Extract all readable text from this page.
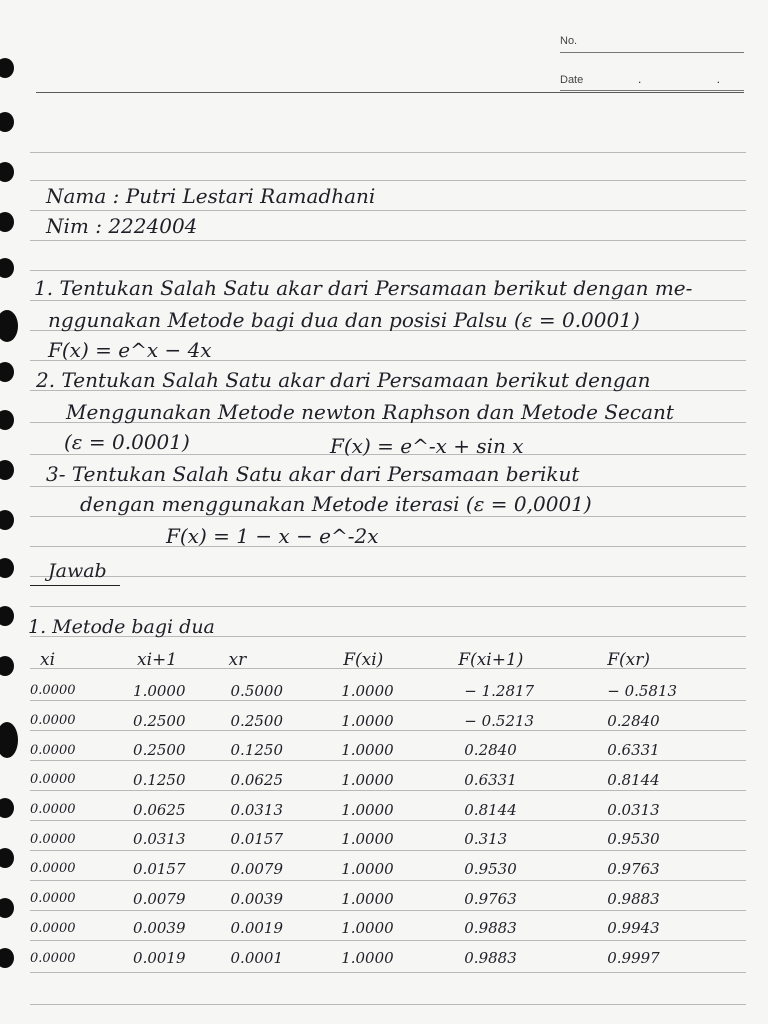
No.
Date	. .
Nama : Putri Lestari Ramadhani
Nim : 2224004
1. Tentukan Salah Satu akar dari Persamaan berikut dengan me-
nggunakan Metode bagi dua dan posisi Palsu (ε = 0.0001)
F(x) = e^x − 4x
2. Tentukan Salah Satu akar dari Persamaan berikut dengan
Menggunakan Metode newton Raphson dan Metode Secant
(ε = 0.0001)	F(x) = e^-x + sin x
3- Tentukan Salah Satu akar dari Persamaan berikut
dengan menggunakan Metode iterasi (ε = 0,0001)
F(x) = 1 − x − e^-2x
Jawab
1. Metode bagi dua
xi	xi+1	xr	F(xi)	F(xi+1)	F(xr)
0.0000	1.0000	0.5000	1.0000	− 1.2817	− 0.5813
0.0000	0.2500	0.2500	1.0000	− 0.5213	0.2840
0.0000	0.2500	0.1250	1.0000	0.2840	0.6331
0.0000	0.1250	0.0625	1.0000	0.6331	0.8144
0.0000	0.0625	0.0313	1.0000	0.8144	0.0313
0.0000	0.0313	0.0157	1.0000	0.313	0.9530
0.0000	0.0157	0.0079	1.0000	0.9530	0.9763
0.0000	0.0079	0.0039	1.0000	0.9763	0.9883
0.0000	0.0039	0.0019	1.0000	0.9883	0.9943
0.0000	0.0019	0.0001	1.0000	0.9883	0.9997
